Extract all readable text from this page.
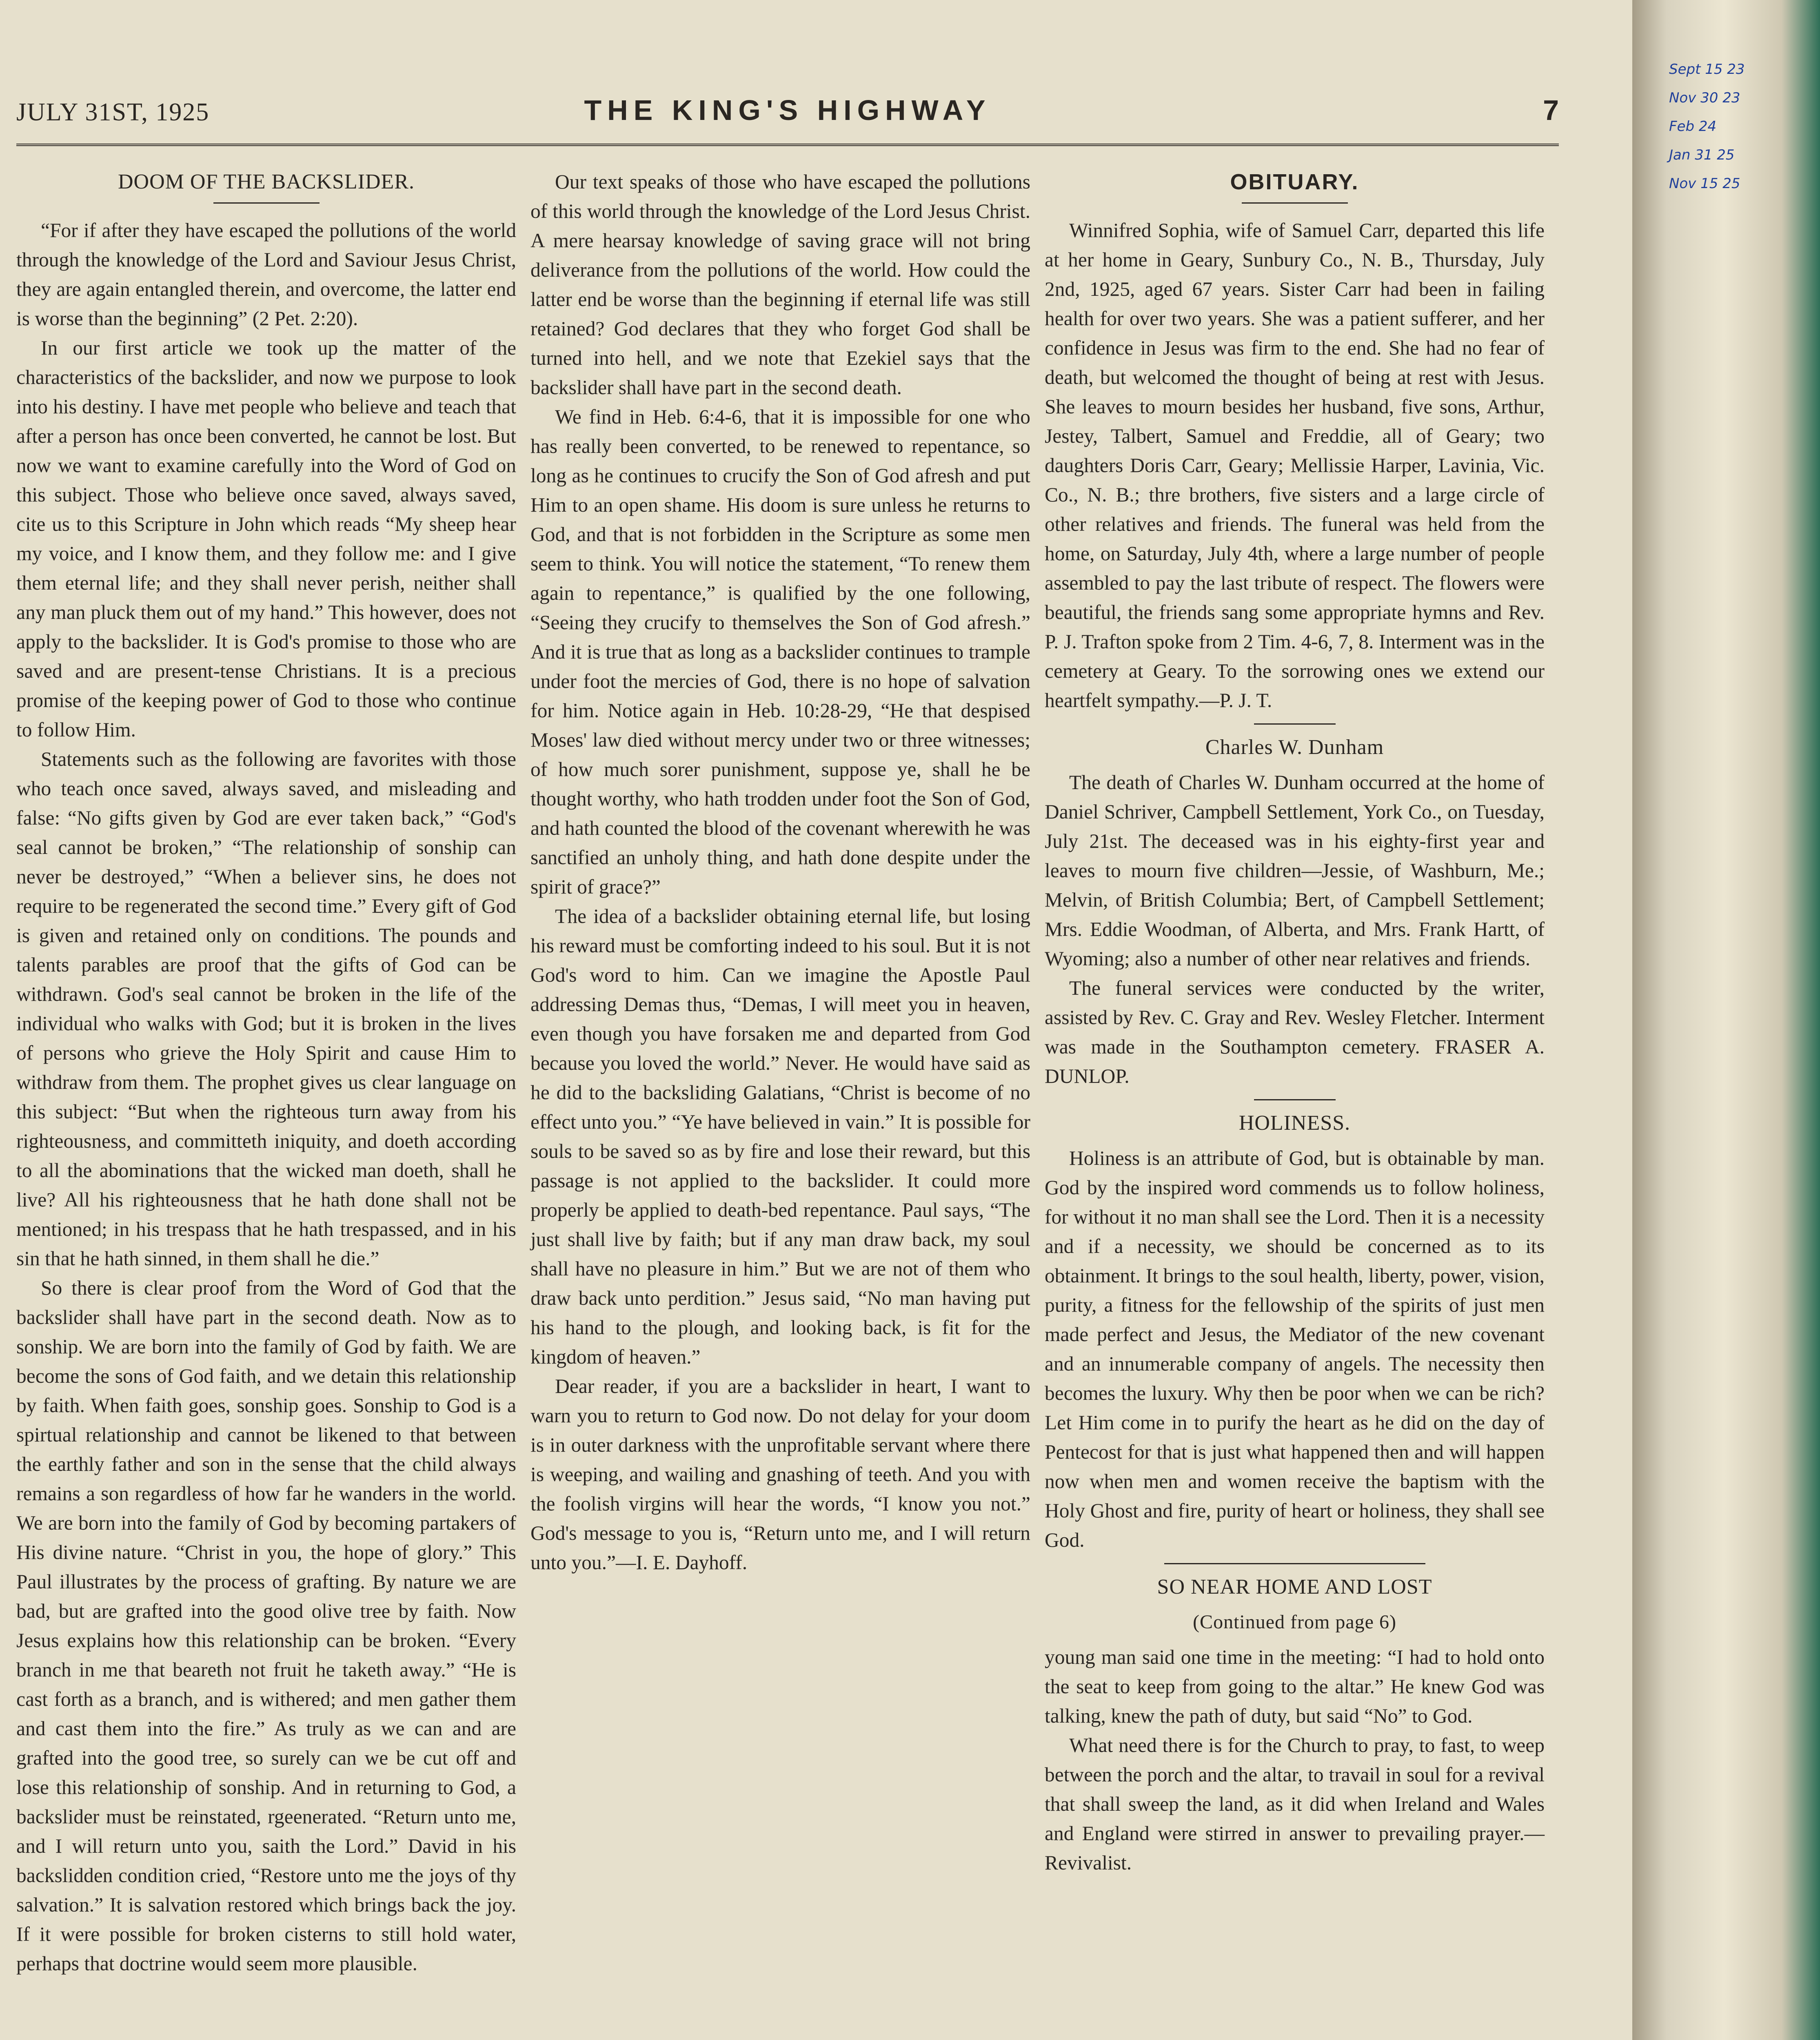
Sept 15 23
Nov 30 23
Feb 24
Jan 31 25
Nov 15 25
JULY 31ST, 1925	THE KING'S HIGHWAY	7
DOOM OF THE BACKSLIDER.

“For if after they have escaped the pollutions of the world through the knowledge of the Lord and Saviour Jesus Christ, they are again entangled therein, and overcome, the latter end is worse than the beginning” (2 Pet. 2:20).

In our first article we took up the matter of the characteristics of the backslider, and now we purpose to look into his destiny. I have met people who believe and teach that after a person has once been converted, he cannot be lost. But now we want to examine carefully into the Word of God on this subject. Those who believe once saved, always saved, cite us to this Scripture in John which reads “My sheep hear my voice, and I know them, and they follow me: and I give them eternal life; and they shall never perish, neither shall any man pluck them out of my hand.” This however, does not apply to the backslider. It is God's promise to those who are saved and are present-tense Christians. It is a precious promise of the keeping power of God to those who continue to follow Him.

Statements such as the following are favorites with those who teach once saved, always saved, and misleading and false: “No gifts given by God are ever taken back,” “God's seal cannot be broken,” “The relationship of sonship can never be destroyed,” “When a believer sins, he does not require to be regenerated the second time.” Every gift of God is given and retained only on conditions. The pounds and talents parables are proof that the gifts of God can be withdrawn. God's seal cannot be broken in the life of the individual who walks with God; but it is broken in the lives of persons who grieve the Holy Spirit and cause Him to withdraw from them. The prophet gives us clear language on this subject: “But when the righteous turn away from his righteousness, and committeth iniquity, and doeth according to all the abominations that the wicked man doeth, shall he live? All his righteousness that he hath done shall not be mentioned; in his trespass that he hath trespassed, and in his sin that he hath sinned, in them shall he die.”

So there is clear proof from the Word of God that the backslider shall have part in the second death. Now as to sonship. We are born into the family of God by faith. We are become the sons of God faith, and we detain this relationship by faith. When faith goes, sonship goes. Sonship to God is a spirtual relationship and cannot be likened to that between the earthly father and son in the sense that the child always remains a son regardless of how far he wanders in the world. We are born into the family of God by becoming partakers of His divine nature. “Christ in you, the hope of glory.” This Paul illustrates by the process of grafting. By nature we are bad, but are grafted into the good olive tree by faith. Now Jesus explains how this relationship can be broken. “Every branch in me that beareth not fruit he taketh away.” “He is cast forth as a branch, and is withered; and men gather them and cast them into the fire.” As truly as we can and are grafted into the good tree, so surely can we be cut off and lose this relationship of sonship. And in returning to God, a backslider must be reinstated, rgeenerated. “Return unto me, and I will return unto you, saith the Lord.” David in his backslidden condition cried, “Restore unto me the joys of thy salvation.” It is salvation restored which brings back the joy. If it were possible for broken cisterns to still hold water, perhaps that doctrine would seem more plausible.

Our text speaks of those who have escaped the pollutions of this world through the knowledge of the Lord Jesus Christ. A mere hearsay knowledge of saving grace will not bring deliverance from the pollutions of the world. How could the latter end be worse than the beginning if eternal life was still retained? God declares that they who forget God shall be turned into hell, and we note that Ezekiel says that the backslider shall have part in the second death.

We find in Heb. 6:4-6, that it is impossible for one who has really been converted, to be renewed to repentance, so long as he continues to crucify the Son of God afresh and put Him to an open shame. His doom is sure unless he returns to God, and that is not forbidden in the Scripture as some men seem to think. You will notice the statement, “To renew them again to repentance,” is qualified by the one following, “Seeing they crucify to themselves the Son of God afresh.” And it is true that as long as a backslider continues to trample under foot the mercies of God, there is no hope of salvation for him. Notice again in Heb. 10:28-29, “He that despised Moses' law died without mercy under two or three witnesses; of how much sorer punishment, suppose ye, shall he be thought worthy, who hath trodden under foot the Son of God, and hath counted the blood of the covenant wherewith he was sanctified an unholy thing, and hath done despite under the spirit of grace?”

The idea of a backslider obtaining eternal life, but losing his reward must be comforting indeed to his soul. But it is not God's word to him. Can we imagine the Apostle Paul addressing Demas thus, “Demas, I will meet you in heaven, even though you have forsaken me and departed from God because you loved the world.” Never. He would have said as he did to the backsliding Galatians, “Christ is become of no effect unto you.” “Ye have believed in vain.” It is possible for souls to be saved so as by fire and lose their reward, but this passage is not applied to the backslider. It could more properly be applied to death-bed repentance. Paul says, “The just shall live by faith; but if any man draw back, my soul shall have no pleasure in him.” But we are not of them who draw back unto perdition.” Jesus said, “No man having put his hand to the plough, and looking back, is fit for the kingdom of heaven.”

Dear reader, if you are a backslider in heart, I want to warn you to return to God now. Do not delay for your doom is in outer darkness with the unprofitable servant where there is weeping, and wailing and gnashing of teeth. And you with the foolish virgins will hear the words, “I know you not.” God's message to you is, “Return unto me, and I will return unto you.”—I. E. Dayhoff.

OBITUARY.

Winnifred Sophia, wife of Samuel Carr, departed this life at her home in Geary, Sunbury Co., N. B., Thursday, July 2nd, 1925, aged 67 years. Sister Carr had been in failing health for over two years. She was a patient sufferer, and her confidence in Jesus was firm to the end. She had no fear of death, but welcomed the thought of being at rest with Jesus. She leaves to mourn besides her husband, five sons, Arthur, Jestey, Talbert, Samuel and Freddie, all of Geary; two daughters Doris Carr, Geary; Mellissie Harper, Lavinia, Vic. Co., N. B.; thre brothers, five sisters and a large circle of other relatives and friends. The funeral was held from the home, on Saturday, July 4th, where a large number of people assembled to pay the last tribute of respect. The flowers were beautiful, the friends sang some appropriate hymns and Rev. P. J. Trafton spoke from 2 Tim. 4-6, 7, 8. Interment was in the cemetery at Geary. To the sorrowing ones we extend our heartfelt sympathy.—P. J. T.

Charles W. Dunham

The death of Charles W. Dunham occurred at the home of Daniel Schriver, Campbell Settlement, York Co., on Tuesday, July 21st. The deceased was in his eighty-first year and leaves to mourn five children—Jessie, of Washburn, Me.; Melvin, of British Columbia; Bert, of Campbell Settlement; Mrs. Eddie Woodman, of Alberta, and Mrs. Frank Hartt, of Wyoming; also a number of other near relatives and friends.

The funeral services were conducted by the writer, assisted by Rev. C. Gray and Rev. Wesley Fletcher. Interment was made in the Southampton cemetery. FRASER A. DUNLOP.

HOLINESS.

Holiness is an attribute of God, but is obtainable by man. God by the inspired word commends us to follow holiness, for without it no man shall see the Lord. Then it is a necessity and if a necessity, we should be concerned as to its obtainment. It brings to the soul health, liberty, power, vision, purity, a fitness for the fellowship of the spirits of just men made perfect and Jesus, the Mediator of the new covenant and an innumerable company of angels. The necessity then becomes the luxury. Why then be poor when we can be rich? Let Him come in to purify the heart as he did on the day of Pentecost for that is just what happened then and will happen now when men and women receive the baptism with the Holy Ghost and fire, purity of heart or holiness, they shall see God.

SO NEAR HOME AND LOST
(Continued from page 6)

young man said one time in the meeting: “I had to hold onto the seat to keep from going to the altar.” He knew God was talking, knew the path of duty, but said “No” to God.

What need there is for the Church to pray, to fast, to weep between the porch and the altar, to travail in soul for a revival that shall sweep the land, as it did when Ireland and Wales and England were stirred in answer to prevailing prayer.—Revivalist.
